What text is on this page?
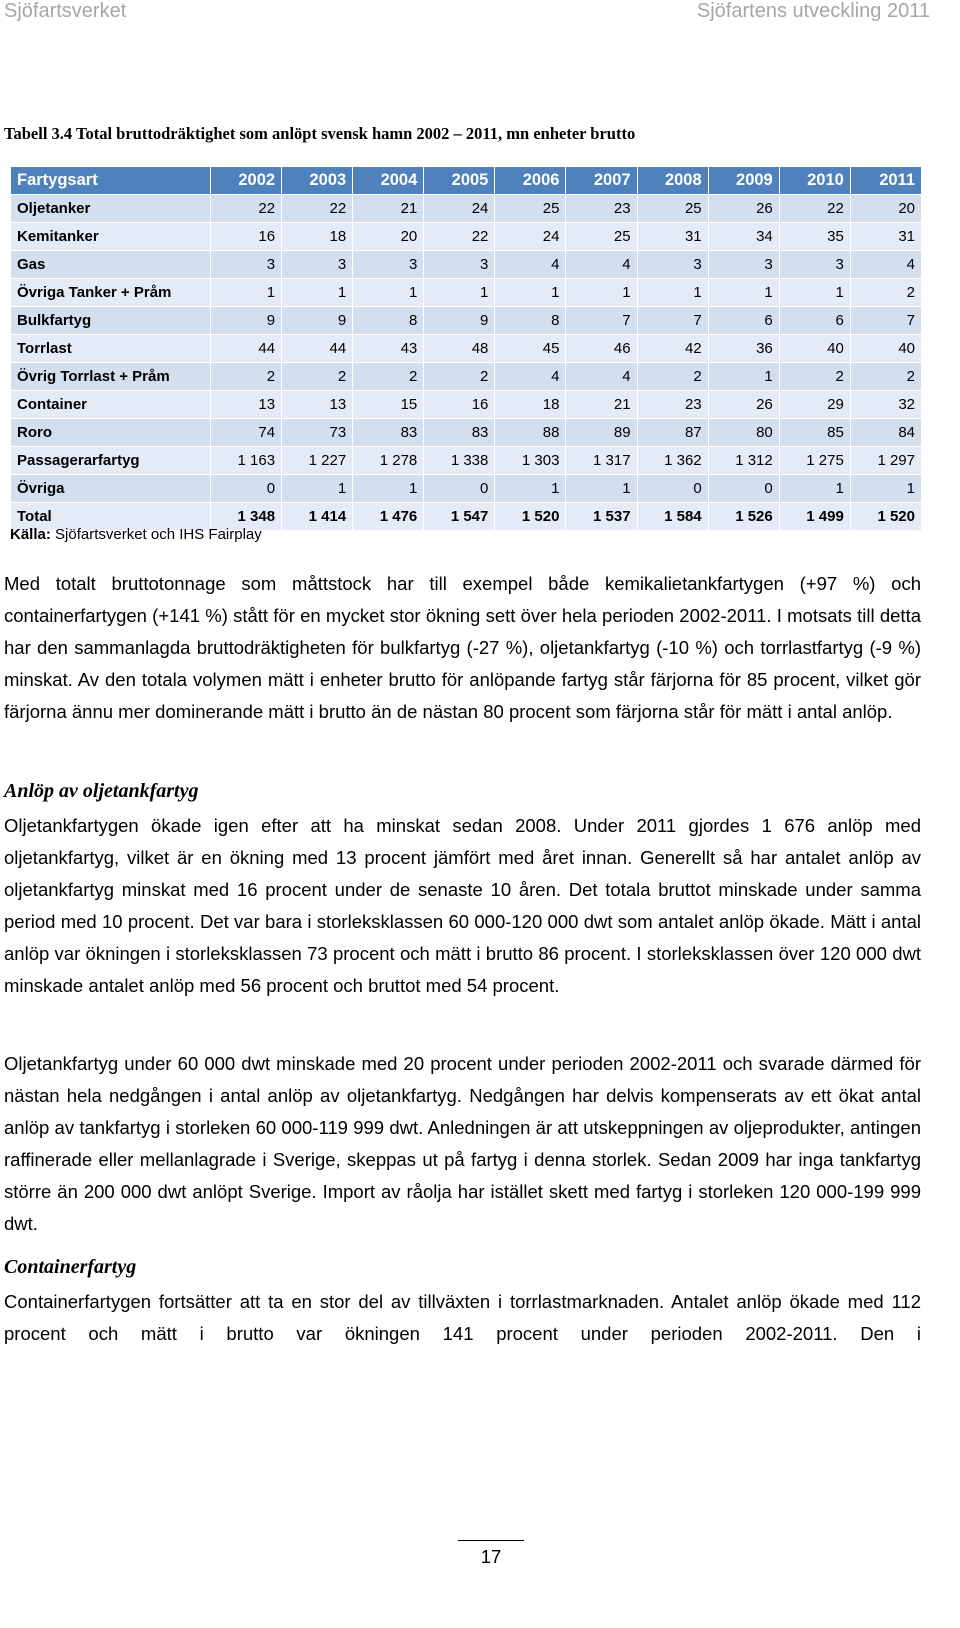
Sjöfartsverket	Sjöfartens utveckling 2011
Tabell 3.4 Total bruttodräktighet som anlöpt svensk hamn 2002 – 2011, mn enheter brutto
Fartygsart	2002	2003	2004	2005	2006	2007	2008	2009	2010	2011
Oljetanker	22	22	21	24	25	23	25	26	22	20
Kemitanker	16	18	20	22	24	25	31	34	35	31
Gas	3	3	3	3	4	4	3	3	3	4
Övriga Tanker + Pråm	1	1	1	1	1	1	1	1	1	2
Bulkfartyg	9	9	8	9	8	7	7	6	6	7
Torrlast	44	44	43	48	45	46	42	36	40	40
Övrig Torrlast + Pråm	2	2	2	2	4	4	2	1	2	2
Container	13	13	15	16	18	21	23	26	29	32
Roro	74	73	83	83	88	89	87	80	85	84
Passagerarfartyg	1 163	1 227	1 278	1 338	1 303	1 317	1 362	1 312	1 275	1 297
Övriga	0	1	1	0	1	1	0	0	1	1
Total	1 348	1 414	1 476	1 547	1 520	1 537	1 584	1 526	1 499	1 520
Källa: Sjöfartsverket och IHS Fairplay

Med totalt bruttotonnage som måttstock har till exempel både kemikalietankfartygen (+97 %) och containerfartygen (+141 %) stått för en mycket stor ökning sett över hela perioden 2002-2011. I motsats till detta har den sammanlagda bruttodräktigheten för bulkfartyg (-27 %), oljetankfartyg (-10 %) och torrlastfartyg (-9 %) minskat. Av den totala volymen mätt i enheter brutto för anlöpande fartyg står färjorna för 85 procent, vilket gör färjorna ännu mer dominerande mätt i brutto än de nästan 80 procent som färjorna står för mätt i antal anlöp.

Anlöp av oljetankfartyg

Oljetankfartygen ökade igen efter att ha minskat sedan 2008. Under 2011 gjordes 1 676 anlöp med oljetankfartyg, vilket är en ökning med 13 procent jämfört med året innan. Generellt så har antalet anlöp av oljetankfartyg minskat med 16 procent under de senaste 10 åren. Det totala bruttot minskade under samma period med 10 procent. Det var bara i storleksklassen 60 000-120 000 dwt som antalet anlöp ökade. Mätt i antal anlöp var ökningen i storleksklassen 73 procent och mätt i brutto 86 procent. I storleksklassen över 120 000 dwt minskade antalet anlöp med 56 procent och bruttot med 54 procent.

Oljetankfartyg under 60 000 dwt minskade med 20 procent under perioden 2002-2011 och svarade därmed för nästan hela nedgången i antal anlöp av oljetankfartyg. Nedgången har delvis kompenserats av ett ökat antal anlöp av tankfartyg i storleken 60 000-119 999 dwt. Anledningen är att utskeppningen av oljeprodukter, antingen raffinerade eller mellanlagrade i Sverige, skeppas ut på fartyg i denna storlek. Sedan 2009 har inga tankfartyg större än 200 000 dwt anlöpt Sverige. Import av råolja har istället skett med fartyg i storleken 120 000-199 999 dwt.

Containerfartyg

Containerfartygen fortsätter att ta en stor del av tillväxten i torrlastmarknaden. Antalet anlöp ökade med 112 procent och mätt i brutto var ökningen 141 procent under perioden 2002-2011. Den i

17
